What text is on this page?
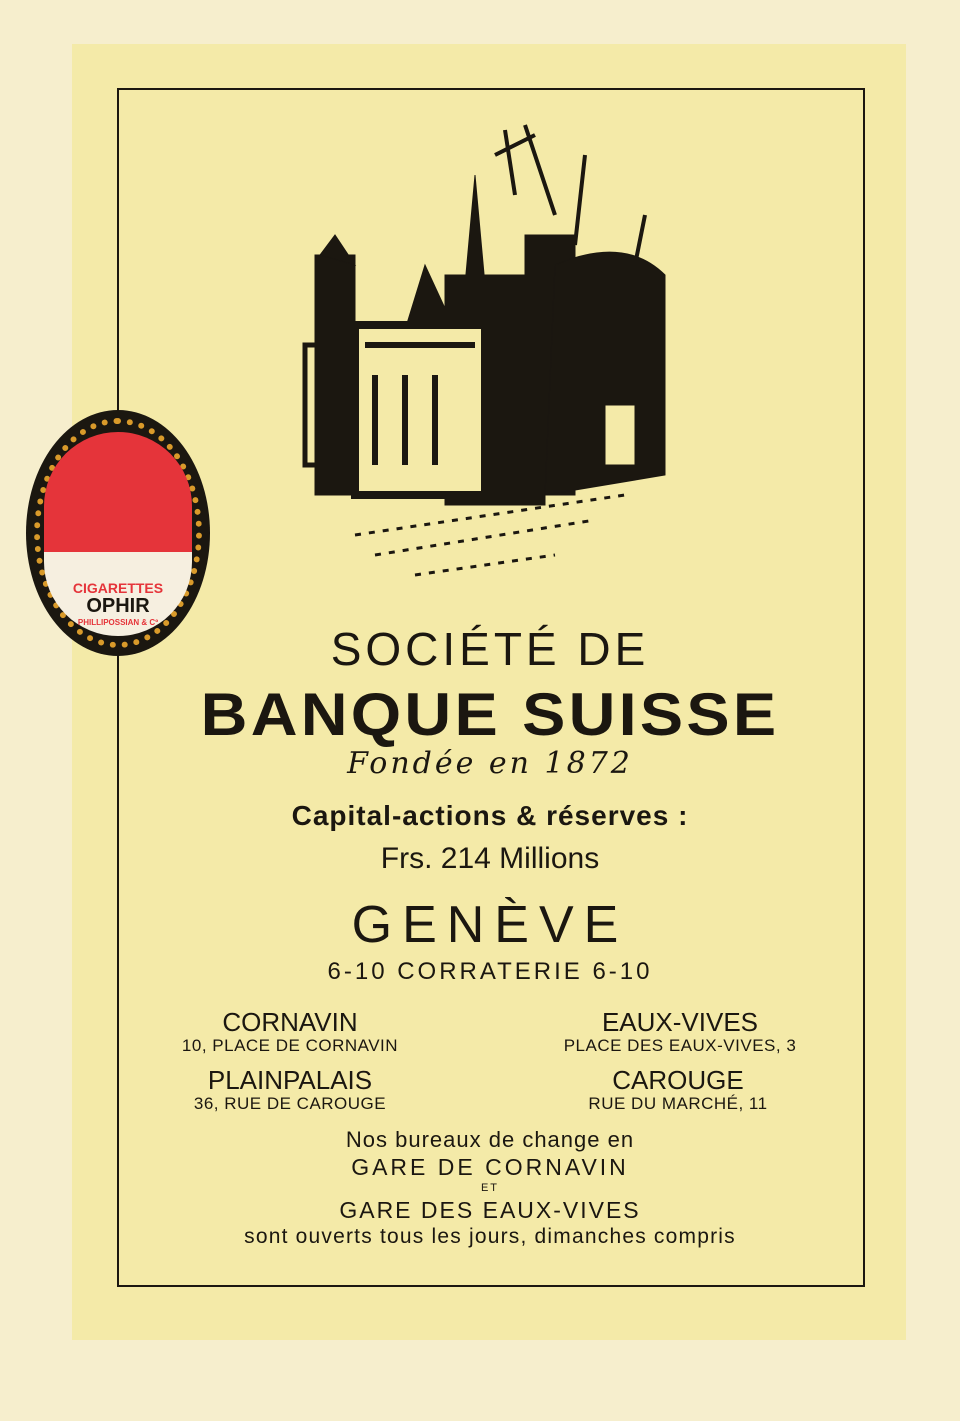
CIGARETTES
OPHIR
PHILLIPOSSIAN & Cº
SOCIÉTÉ DE
BANQUE SUISSE
Fondée en 1872
Capital-actions & réserves :
Frs. 214 Millions
GENÈVE
6-10 CORRATERIE 6-10
CORNAVIN
10, PLACE DE CORNAVIN
EAUX-VIVES
PLACE DES EAUX-VIVES, 3
PLAINPALAIS
36, RUE DE CAROUGE
CAROUGE
RUE DU MARCHÉ, 11
Nos bureaux de change en
GARE DE CORNAVIN
ET
GARE DES EAUX-VIVES
sont ouverts tous les jours, dimanches compris
